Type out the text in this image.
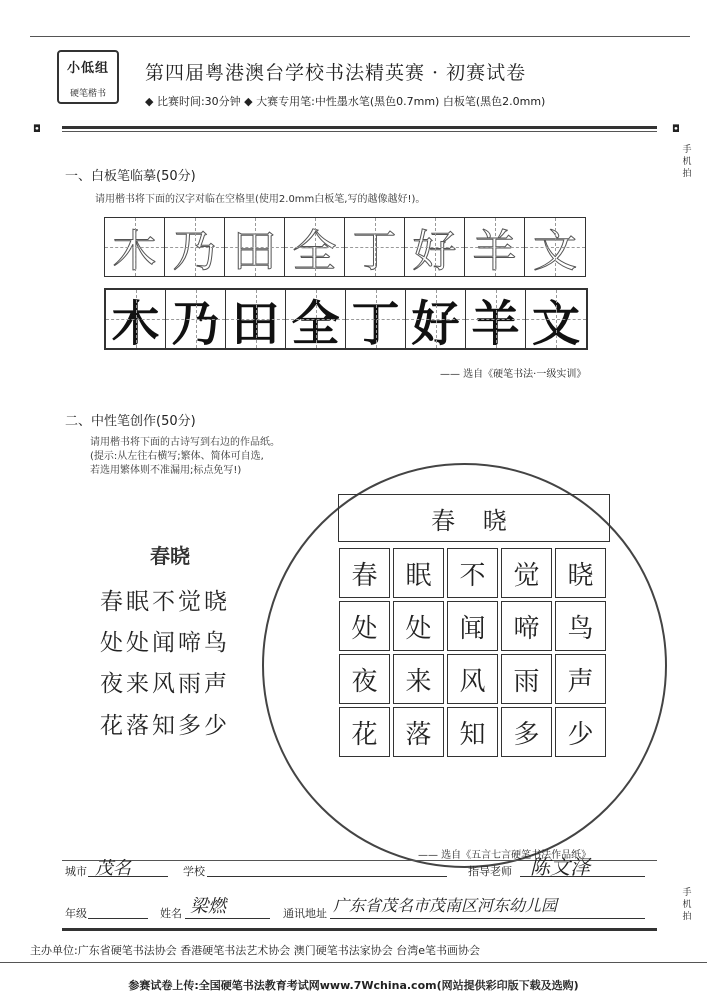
小低组
硬笔楷书
第四届粤港澳台学校书法精英赛 · 初赛试卷
◆ 比赛时间:30分钟 ◆ 大赛专用笔:中性墨水笔(黑色0.7mm) 白板笔(黑色2.0mm)
◘	◘
手机拍
手机拍
一、白板笔临摹(50分)
请用楷书将下面的汉字对临在空格里(使用2.0mm白板笔,写的越像越好!)。
木 乃 田 全 丁 好 羊 文
木 乃 田 全 丁 好 羊 文
—— 选自《硬笔书法·一级实训》
二、中性笔创作(50分)
请用楷书将下面的古诗写到右边的作品纸。
(提示:从左往右横写;繁体、简体可自选,
若选用繁体则不准漏用;标点免写!)
春晓
春眠不觉晓
处处闻啼鸟
夜来风雨声
花落知多少
春 晓
春	眠	不	觉	晓
处	处	闻	啼	鸟
夜	来	风	雨	声
花	落	知	多	少
—— 选自《五言七言硬笔书法作品纸》
城市 茂名	学校	指导老师 陈文泽
年级	姓名 梁燃	通讯地址 广东省茂名市茂南区河东幼儿园
主办单位:广东省硬笔书法协会 香港硬笔书法艺术协会 澳门硬笔书法家协会 台湾e笔书画协会
参赛试卷上传:全国硬笔书法教育考试网www.7Wchina.com(网站提供彩印版下载及选购)
